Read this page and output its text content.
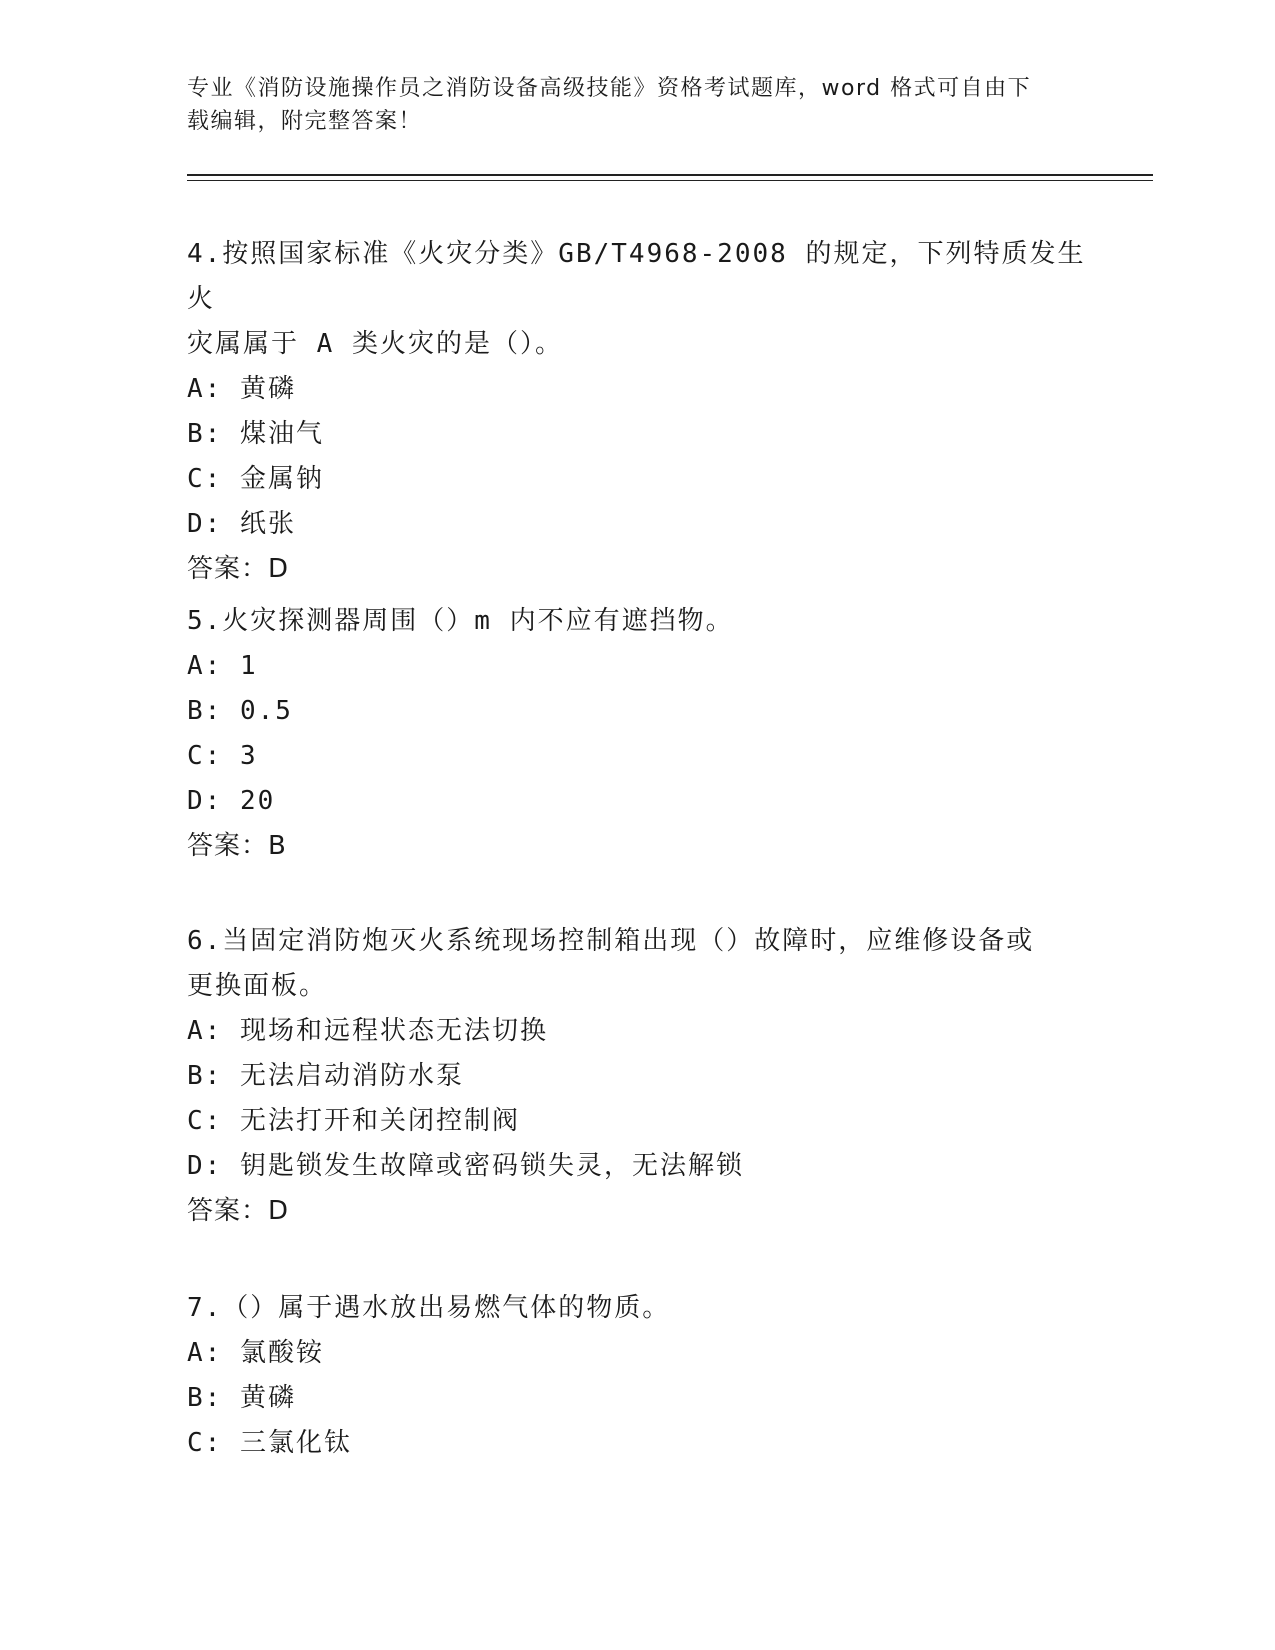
专业《消防设施操作员之消防设备高级技能》资格考试题库，word 格式可自由下
载编辑，附完整答案！

4.按照国家标准《火灾分类》GB/T4968-2008 的规定，下列特质发生火

灾属属于 A 类火灾的是（）。

A: 黄磷

B: 煤油气

C: 金属钠

D: 纸张

答案：D

5.火灾探测器周围（）m 内不应有遮挡物。

A: 1

B: 0.5

C: 3

D: 20

答案：B

6.当固定消防炮灭火系统现场控制箱出现（）故障时，应维修设备或

更换面板。

A: 现场和远程状态无法切换

B: 无法启动消防水泵

C: 无法打开和关闭控制阀

D: 钥匙锁发生故障或密码锁失灵，无法解锁

答案：D

7.（）属于遇水放出易燃气体的物质。

A: 氯酸铵

B: 黄磷

C: 三氯化钛
